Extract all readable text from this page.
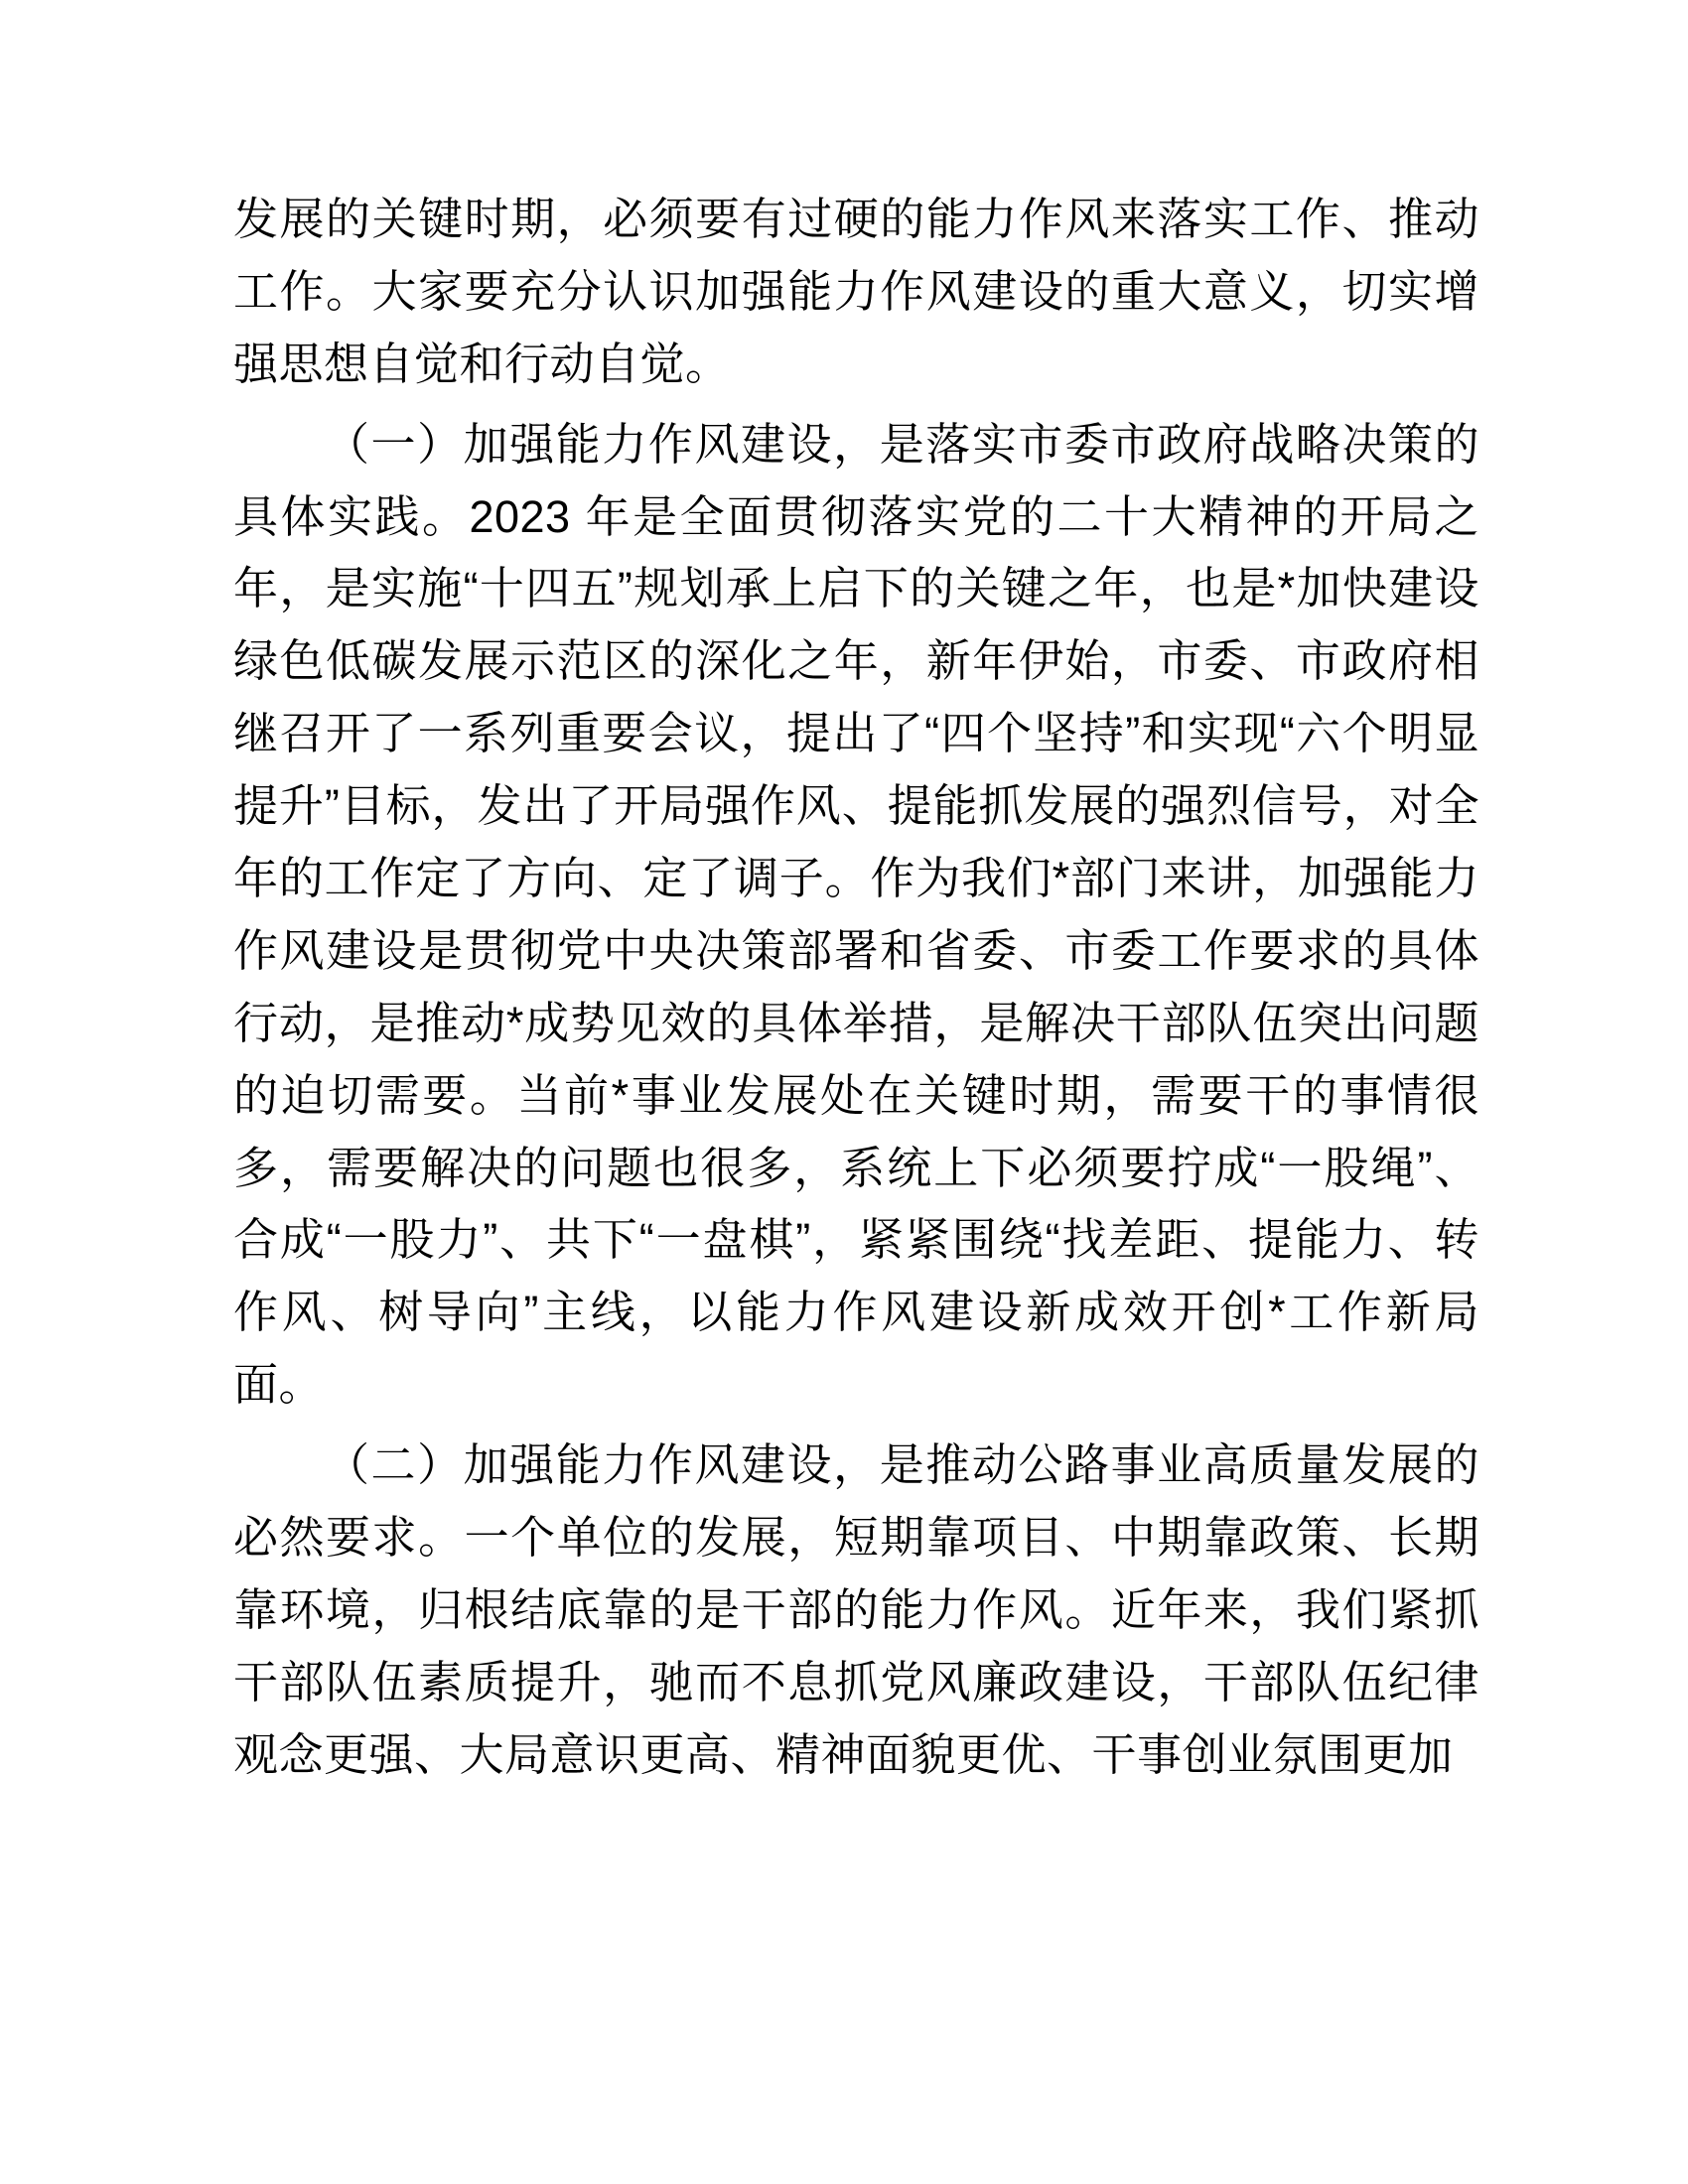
发展的关键时期，必须要有过硬的能力作风来落实工作、推动工作。大家要充分认识加强能力作风建设的重大意义，切实增强思想自觉和行动自觉。

（一）加强能力作风建设，是落实市委市政府战略决策的具体实践。2023 年是全面贯彻落实党的二十大精神的开局之年，是实施“十四五”规划承上启下的关键之年，也是*加快建设绿色低碳发展示范区的深化之年，新年伊始，市委、市政府相继召开了一系列重要会议，提出了“四个坚持”和实现“六个明显提升”目标，发出了开局强作风、提能抓发展的强烈信号，对全年的工作定了方向、定了调子。作为我们*部门来讲，加强能力作风建设是贯彻党中央决策部署和省委、市委工作要求的具体行动，是推动*成势见效的具体举措，是解决干部队伍突出问题的迫切需要。当前*事业发展处在关键时期，需要干的事情很多，需要解决的问题也很多，系统上下必须要拧成“一股绳”、合成“一股力”、共下“一盘棋”，紧紧围绕“找差距、提能力、转作风、树导向”主线，以能力作风建设新成效开创*工作新局面。

（二）加强能力作风建设，是推动公路事业高质量发展的必然要求。一个单位的发展，短期靠项目、中期靠政策、长期靠环境，归根结底靠的是干部的能力作风。近年来，我们紧抓干部队伍素质提升，驰而不息抓党风廉政建设，干部队伍纪律观念更强、大局意识更高、精神面貌更优、干事创业氛围更加
